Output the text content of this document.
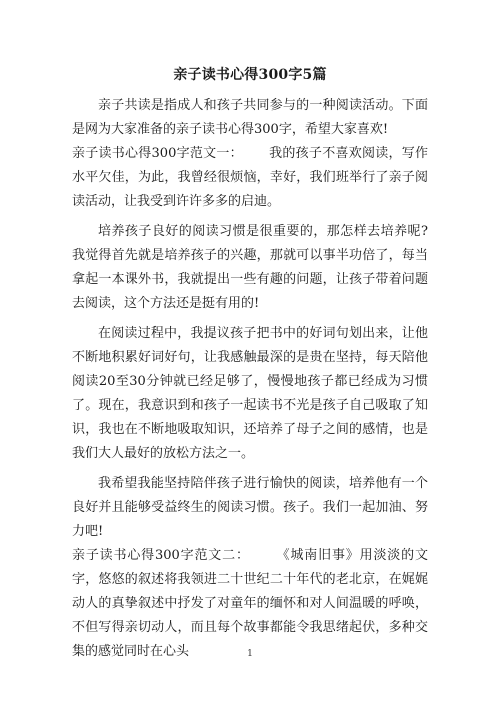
亲子读书心得300字5篇

亲子共读是指成人和孩子共同参与的一种阅读活动。下面是网为大家准备的亲子读书心得300字，希望大家喜欢!

亲子读书心得300字范文一： 我的孩子不喜欢阅读，写作水平欠佳，为此，我曾经很烦恼，幸好，我们班举行了亲子阅读活动，让我受到许许多多的启迪。

培养孩子良好的阅读习惯是很重要的，那怎样去培养呢?我觉得首先就是培养孩子的兴趣，那就可以事半功倍了，每当拿起一本课外书，我就提出一些有趣的问题，让孩子带着问题去阅读，这个方法还是挺有用的!

在阅读过程中，我提议孩子把书中的好词句划出来，让他不断地积累好词好句，让我感触最深的是贵在坚持，每天陪他阅读20至30分钟就已经足够了，慢慢地孩子都已经成为习惯了。现在，我意识到和孩子一起读书不光是孩子自己吸取了知识，我也在不断地吸取知识，还培养了母子之间的感情，也是我们大人最好的放松方法之一。

我希望我能坚持陪伴孩子进行愉快的阅读，培养他有一个良好并且能够受益终生的阅读习惯。孩子。我们一起加油、努力吧!

亲子读书心得300字范文二： 《城南旧事》用淡淡的文字，悠悠的叙述将我领进二十世纪二十年代的老北京，在娓娓动人的真挚叙述中抒发了对童年的缅怀和对人间温暖的呼唤，不但写得亲切动人，而且每个故事都能令我思绪起伏，多种交集的感觉同时在心头	1
